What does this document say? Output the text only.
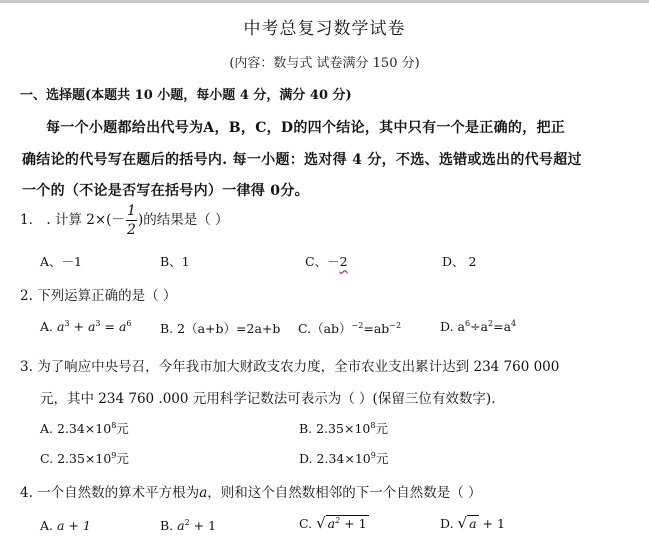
中考总复习数学试卷
(内容：数与式 试卷满分 150 分)
一、选择题(本题共 10 小题，每小题 4 分，满分 40 分)
每一个小题都给出代号为A，B，C，D的四个结论，其中只有一个是正确的，把正
确结论的代号写在题后的括号内. 每一小题：选对得 4 分，不选、选错或选出的代号超过
一个的（不论是否写在括号内）一律得 0分。
1． . 计算 $2\times(- \frac{1}{2}$ )的结果是（ ）
A、－1	B、1	C、－2	D、 2
2. 下列运算正确的是（ ）
A. $a^3 + a^3 = a^6$ B. 2（a+b）=2a+b $C.(ab)^{-2}=ab^{-2}$	D. $a^6\div a^2=a^4$
3. 为了响应中央号召，今年我市加大财政支农力度，全市农业支出累计达到 234 760 000
元，其中 234 760 .000 元用科学记数法可表示为（ ）(保留三位有效数字).
A. $2.34\times 10^8$元	B. $2.35\times 10^8$元
C. $2.35\times 10^9$元	D. $2.34\times 10^9$元
4. 一个自然数的算术平方根为a，则和这个自然数相邻的下一个自然数是（ ）
A. a + 1	B. $a^2 + 1$	C. √ $a^2 + 1$	D. √ a + 1
